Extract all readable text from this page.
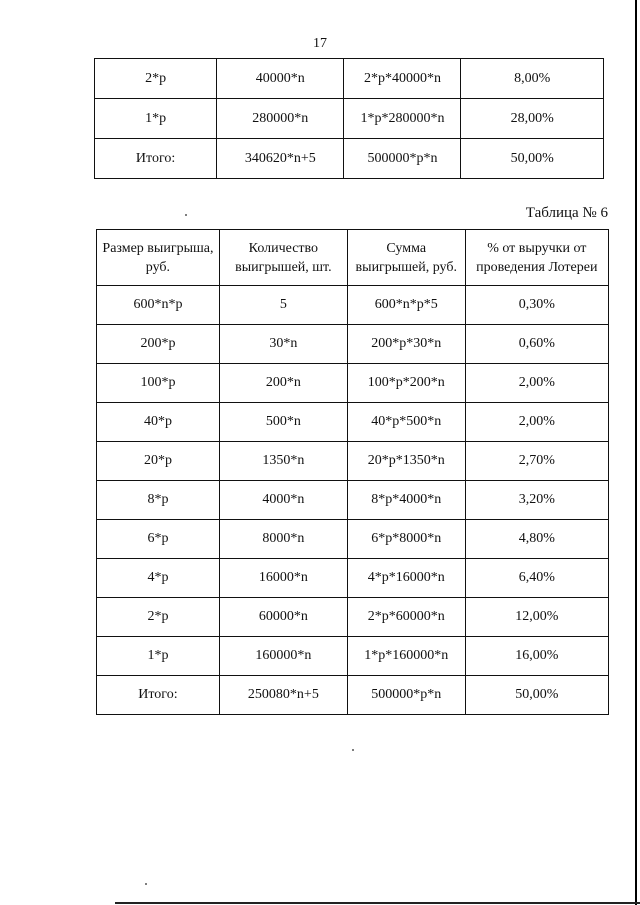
17
2*р	40000*n	2*р*40000*n	8,00%
1*р	280000*n	1*р*280000*n	28,00%
Итого:	340620*n+5	500000*р*n	50,00%
Таблица № 6
Размер выигрыша, руб.	Количество выигрышей, шт.	Сумма выигрышей, руб.	% от выручки от проведения Лотереи
600*n*р	5	600*n*р*5	0,30%
200*р	30*n	200*р*30*n	0,60%
100*р	200*n	100*р*200*n	2,00%
40*р	500*n	40*р*500*n	2,00%
20*р	1350*n	20*р*1350*n	2,70%
8*р	4000*n	8*р*4000*n	3,20%
6*р	8000*n	6*р*8000*n	4,80%
4*р	16000*n	4*р*16000*n	6,40%
2*р	60000*n	2*р*60000*n	12,00%
1*р	160000*n	1*р*160000*n	16,00%
Итого:	250080*n+5	500000*р*n	50,00%
